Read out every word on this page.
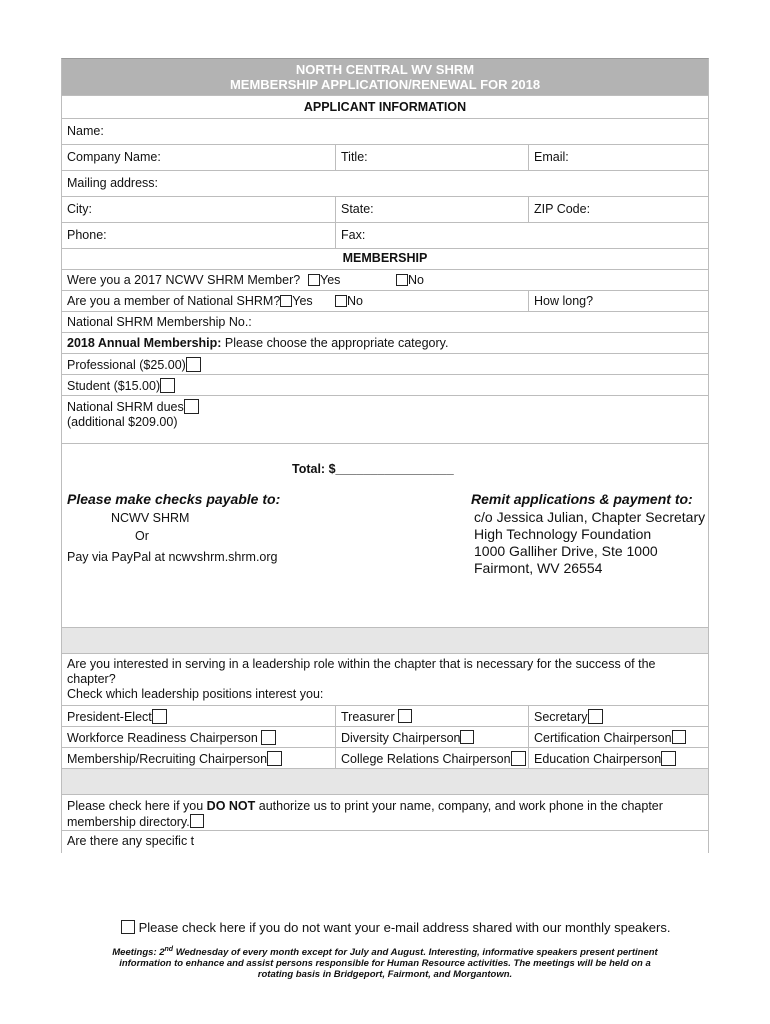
NORTH CENTRAL WV SHRM
MEMBERSHIP APPLICATION/RENEWAL FOR 2018
APPLICANT INFORMATION
Name:
Company Name:	Title:	Email:
Mailing address:
City:	State:	ZIP Code:
Phone:	Fax:
MEMBERSHIP
Were you a 2017 NCWV SHRM Member?	Yes	No
Are you a member of National SHRM? Yes	No	How long?
National SHRM Membership No.:
2018 Annual Membership: Please choose the appropriate category.
Professional ($25.00)
Student ($15.00)
National SHRM dues
(additional $209.00)
Total: $_________________
Please make checks payable to:
NCWV SHRM
Or
Pay via PayPal at ncwvshrm.shrm.org
Remit applications & payment to:
c/o Jessica Julian, Chapter Secretary
High Technology Foundation
1000 Galliher Drive, Ste 1000
Fairmont, WV 26554
Are you interested in serving in a leadership role within the chapter that is necessary for the success of the
chapter?
Check which leadership positions interest you:
President-Elect	Treasurer	Secretary
Workforce Readiness Chairperson	Diversity Chairperson	Certification Chairperson
Membership/Recruiting Chairperson	College Relations Chairperson	Education Chairperson
Please check here if you DO NOT authorize us to print your name, company, and work phone in the chapter
membership directory.
Are there any specific t
Please check here if you do not want your e-mail address shared with our monthly speakers.
Meetings: 2nd Wednesday of every month except for July and August. Interesting, informative speakers present pertinent
information to enhance and assist persons responsible for Human Resource activities. The meetings will be held on a
rotating basis in Bridgeport, Fairmont, and Morgantown.
